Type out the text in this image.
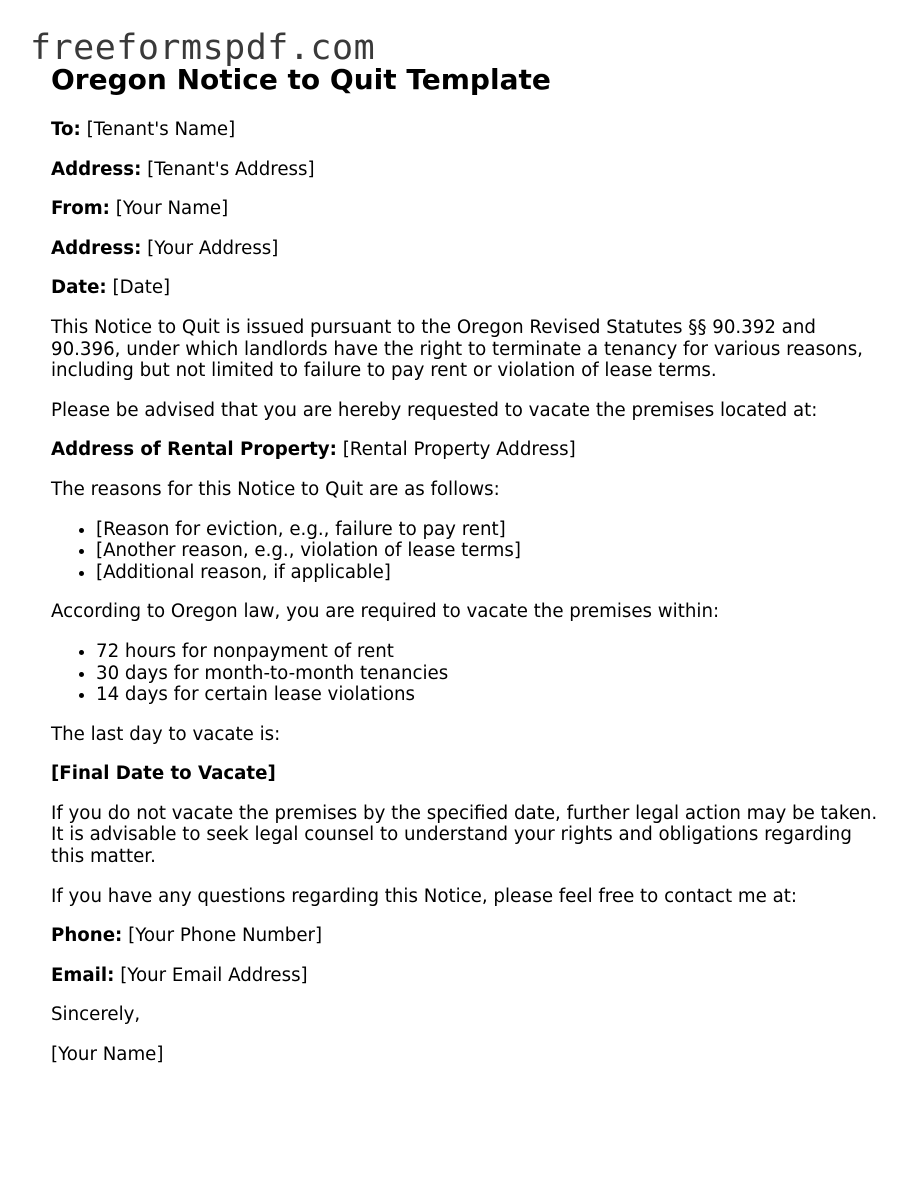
freeformspdf.com

Oregon Notice to Quit Template

To: [Tenant's Name]

Address: [Tenant's Address]

From: [Your Name]

Address: [Your Address]

Date: [Date]

This Notice to Quit is issued pursuant to the Oregon Revised Statutes §§ 90.392 and 90.396, under which landlords have the right to terminate a tenancy for various reasons, including but not limited to failure to pay rent or violation of lease terms.

Please be advised that you are hereby requested to vacate the premises located at:

Address of Rental Property: [Rental Property Address]

The reasons for this Notice to Quit are as follows:

• [Reason for eviction, e.g., failure to pay rent]
• [Another reason, e.g., violation of lease terms]
• [Additional reason, if applicable]

According to Oregon law, you are required to vacate the premises within:

• 72 hours for nonpayment of rent
• 30 days for month-to-month tenancies
• 14 days for certain lease violations

The last day to vacate is:

[Final Date to Vacate]

If you do not vacate the premises by the specified date, further legal action may be taken. It is advisable to seek legal counsel to understand your rights and obligations regarding this matter.

If you have any questions regarding this Notice, please feel free to contact me at:

Phone: [Your Phone Number]

Email: [Your Email Address]

Sincerely,

[Your Name]
